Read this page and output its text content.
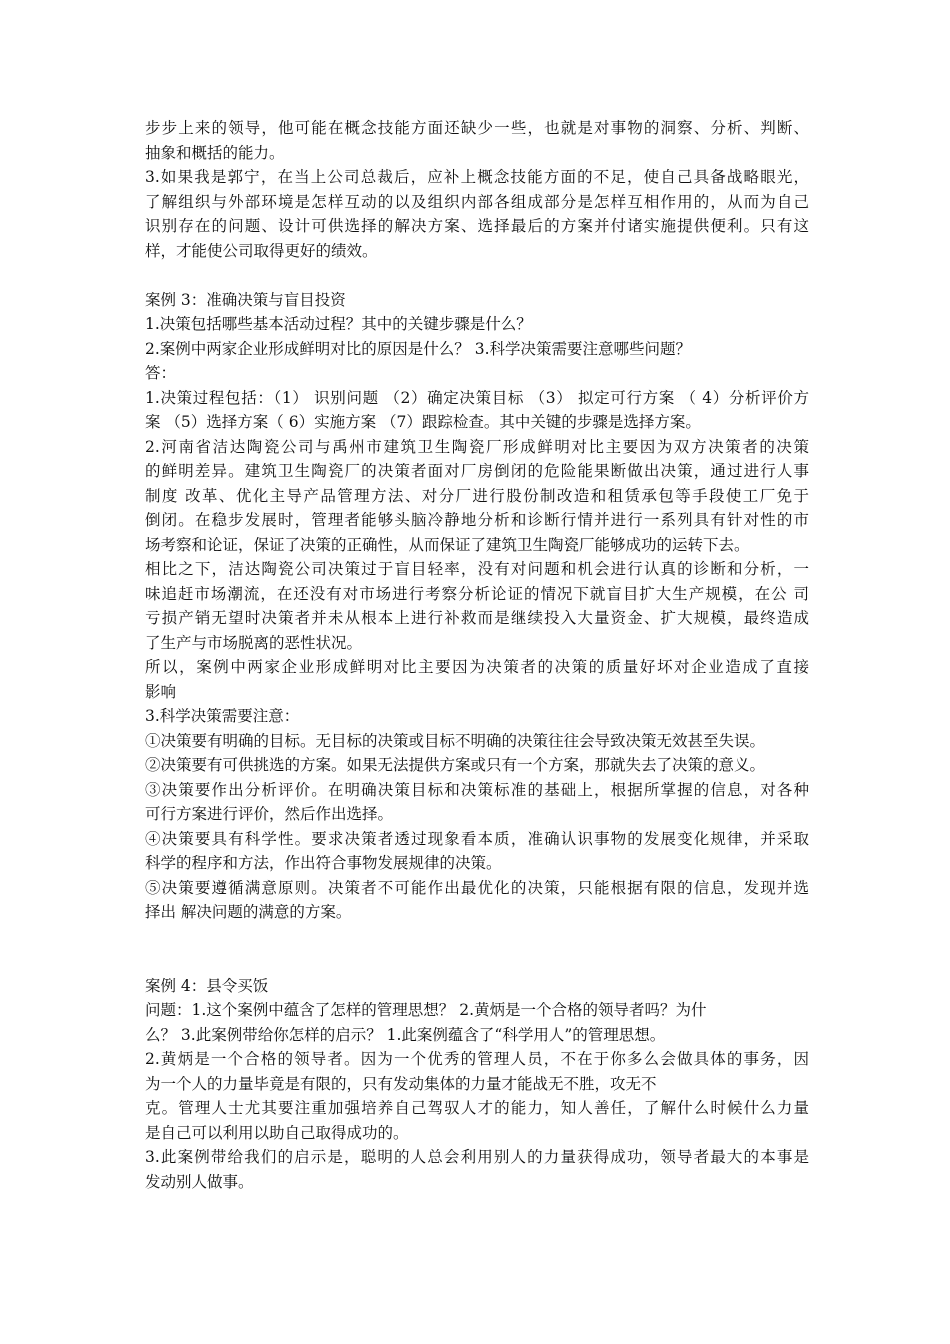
步步上来的领导，他可能在概念技能方面还缺少一些，也就是对事物的洞察、分析、判断、
抽象和概括的能力。
3.如果我是郭宁，在当上公司总裁后，应补上概念技能方面的不足，使自己具备战略眼光，
了解组织与外部环境是怎样互动的以及组织内部各组成部分是怎样互相作用的，从而为自己
识别存在的问题、设计可供选择的解决方案、选择最后的方案并付诸实施提供便利。只有这
样，才能使公司取得更好的绩效。
案例 3：准确决策与盲目投资
1.决策包括哪些基本活动过程？其中的关键步骤是什么？
2.案例中两家企业形成鲜明对比的原因是什么？ 3.科学决策需要注意哪些问题？
答：
1.决策过程包括：（1） 识别问题 （2）确定决策目标 （3） 拟定可行方案 （ 4）分析评价方
案 （5）选择方案（ 6）实施方案 （7）跟踪检查。其中关键的步骤是选择方案。
2.河南省洁达陶瓷公司与禹州市建筑卫生陶瓷厂形成鲜明对比主要因为双方决策者的决策
的鲜明差异。建筑卫生陶瓷厂的决策者面对厂房倒闭的危险能果断做出决策，通过进行人事
制度 改革、优化主导产品管理方法、对分厂进行股份制改造和租赁承包等手段使工厂免于
倒闭。在稳步发展时，管理者能够头脑冷静地分析和诊断行情并进行一系列具有针对性的市
场考察和论证，保证了决策的正确性，从而保证了建筑卫生陶瓷厂能够成功的运转下去。
相比之下，洁达陶瓷公司决策过于盲目轻率，没有对问题和机会进行认真的诊断和分析，一
味追赶市场潮流，在还没有对市场进行考察分析论证的情况下就盲目扩大生产规模，在公 司
亏损产销无望时决策者并未从根本上进行补救而是继续投入大量资金、扩大规模，最终造成
了生产与市场脱离的恶性状况。
所以，案例中两家企业形成鲜明对比主要因为决策者的决策的质量好坏对企业造成了直接
影响
3.科学决策需要注意：
①决策要有明确的目标。无目标的决策或目标不明确的决策往往会导致决策无效甚至失误。
②决策要有可供挑选的方案。如果无法提供方案或只有一个方案，那就失去了决策的意义。
③决策要作出分析评价。在明确决策目标和决策标准的基础上，根据所掌握的信息，对各种
可行方案进行评价，然后作出选择。
④决策要具有科学性。要求决策者透过现象看本质，准确认识事物的发展变化规律，并采取
科学的程序和方法，作出符合事物发展规律的决策。
⑤决策要遵循满意原则。决策者不可能作出最优化的决策，只能根据有限的信息，发现并选
择出 解决问题的满意的方案。
案例 4：县令买饭
问题：1.这个案例中蕴含了怎样的管理思想？ 2.黄炳是一个合格的领导者吗？为什
么？ 3.此案例带给你怎样的启示？ 1.此案例蕴含了“科学用人”的管理思想。
2.黄炳是一个合格的领导者。因为一个优秀的管理人员，不在于你多么会做具体的事务，因
为一个人的力量毕竟是有限的，只有发动集体的力量才能战无不胜，攻无不
克。管理人士尤其要注重加强培养自己驾驭人才的能力，知人善任，了解什么时候什么力量
是自己可以利用以助自己取得成功的。
3.此案例带给我们的启示是，聪明的人总会利用别人的力量获得成功，领导者最大的本事是
发动别人做事。
